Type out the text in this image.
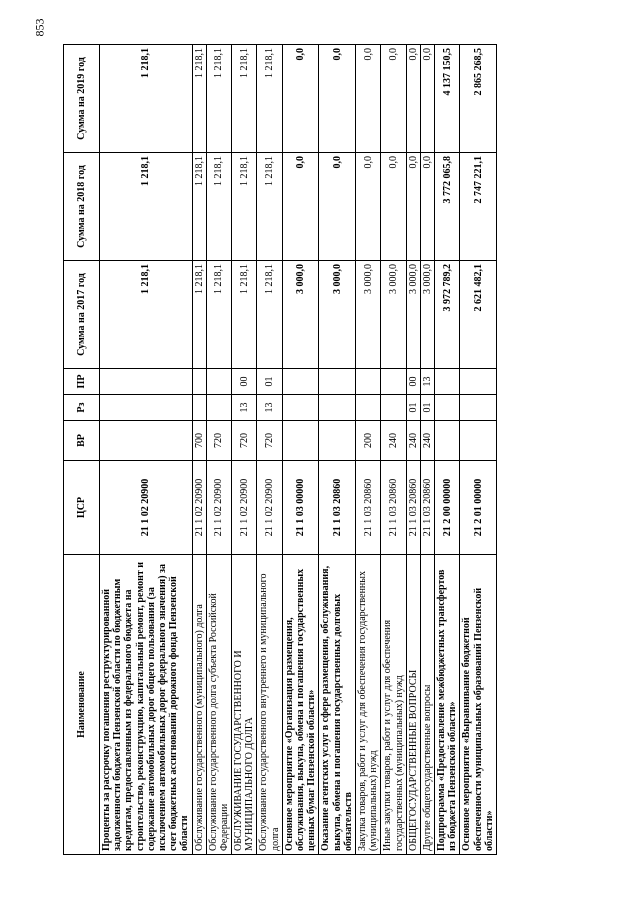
853
Наименование	ЦСР	ВР	Рз	ПР	Сумма на 2017 год	Сумма на 2018 год	Сумма на 2019 год
Проценты за рассрочку погашения реструктурированной задолженности бюджета Пензенской области по бюджетным кредитам, предоставленным из федерального бюджета на строительство, реконструкцию, капитальный ремонт, ремонт и содержание автомобильных дорог общего пользования (за исключением автомобильных дорог федерального значения) за счет бюджетных ассигнований дорожного фонда Пензенской области	21 1 02 20900				1 218,1	1 218,1	1 218,1
Обслуживание государственного (муниципального) долга	21 1 02 20900	700			1 218,1	1 218,1	1 218,1
Обслуживание государственного долга субъекта Российской Федерации	21 1 02 20900	720			1 218,1	1 218,1	1 218,1
ОБСЛУЖИВАНИЕ ГОСУДАРСТВЕННОГО И МУНИЦИПАЛЬНОГО ДОЛГА	21 1 02 20900	720	13	00	1 218,1	1 218,1	1 218,1
Обслуживание государственного внутреннего и муниципального долга	21 1 02 20900	720	13	01	1 218,1	1 218,1	1 218,1
Основное мероприятие «Организация размещения, обслуживания, выкупа, обмена и погашения государственных ценных бумаг Пензенской области»	21 1 03 00000				3 000,0	0,0	0,0
Оказание агентских услуг в сфере размещения, обслуживания, выкупа, обмена и погашения государственных долговых обязательств	21 1 03 20860				3 000,0	0,0	0,0
Закупка товаров, работ и услуг для обеспечения государственных (муниципальных) нужд	21 1 03 20860	200			3 000,0	0,0	0,0
Иные закупки товаров, работ и услуг для обеспечения государственных (муниципальных) нужд	21 1 03 20860	240			3 000,0	0,0	0,0
ОБЩЕГОСУДАРСТВЕННЫЕ ВОПРОСЫ	21 1 03 20860	240	01	00	3 000,0	0,0	0,0
Другие общегосударственные вопросы	21 1 03 20860	240	01	13	3 000,0	0,0	0,0
Подпрограмма «Предоставление межбюджетных трансфертов из бюджета Пензенской области»	21 2 00 00000				3 972 789,2	3 772 065,8	4 137 150,5
Основное мероприятие «Выравнивание бюджетной обеспеченности муниципальных образований Пензенской области»	21 2 01 00000				2 621 482,1	2 747 221,1	2 865 268,5
